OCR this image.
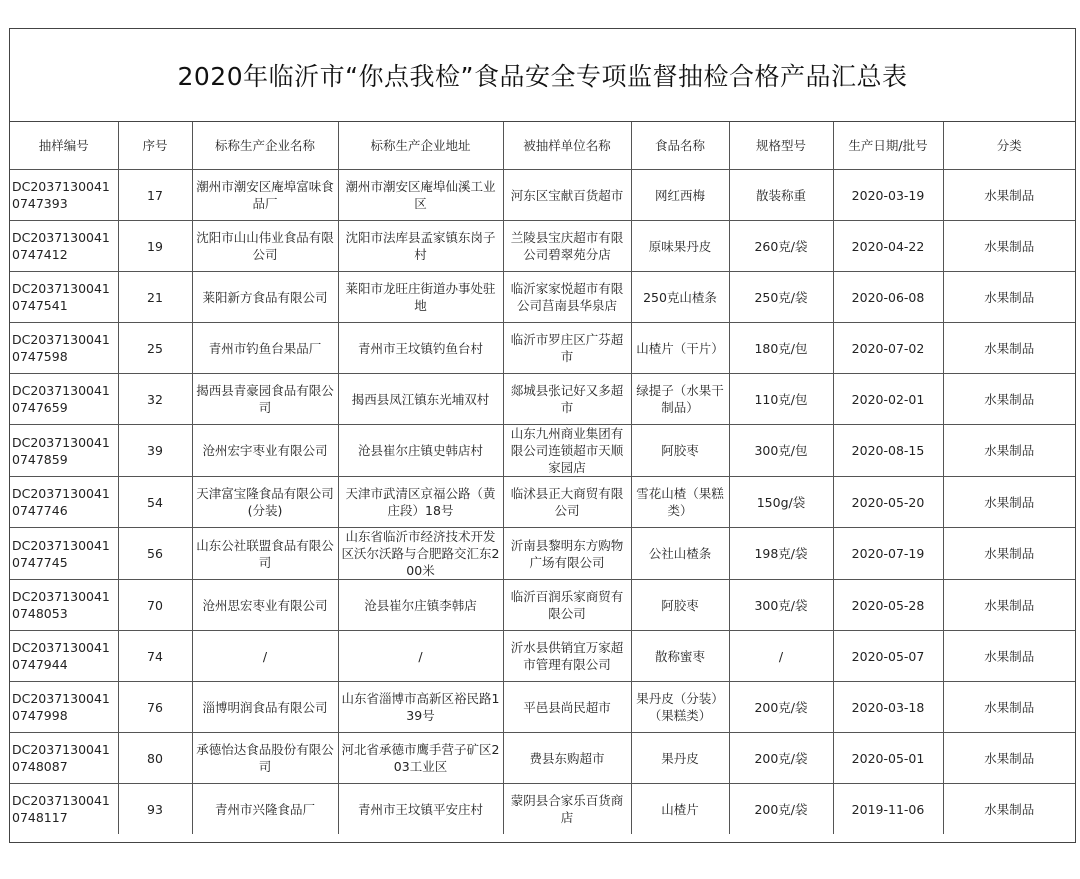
2020年临沂市“你点我检”食品安全专项监督抽检合格产品汇总表
抽样编号	序号	标称生产企业名称	标称生产企业地址	被抽样单位名称	食品名称	规格型号	生产日期/批号	分类
DC20371300410747393	17	潮州市潮安区庵埠富味食品厂	潮州市潮安区庵埠仙溪工业区	河东区宝献百货超市	网红西梅	散装称重	2020-03-19	水果制品
DC20371300410747412	19	沈阳市山山伟业食品有限公司	沈阳市法库县孟家镇东岗子村	兰陵县宝庆超市有限公司碧翠苑分店	原味果丹皮	260克/袋	2020-04-22	水果制品
DC20371300410747541	21	莱阳新方食品有限公司	莱阳市龙旺庄街道办事处驻地	临沂家家悦超市有限公司莒南县华泉店	250克山楂条	250克/袋	2020-06-08	水果制品
DC20371300410747598	25	青州市钓鱼台果品厂	青州市王坟镇钓鱼台村	临沂市罗庄区广芬超市	山楂片（干片）	180克/包	2020-07-02	水果制品
DC20371300410747659	32	揭西县青豪园食品有限公司	揭西县凤江镇东光埔双村	郯城县张记好又多超市	绿提子（水果干制品）	110克/包	2020-02-01	水果制品
DC20371300410747859	39	沧州宏宇枣业有限公司	沧县崔尔庄镇史韩店村	山东九州商业集团有限公司连锁超市天顺家园店	阿胶枣	300克/包	2020-08-15	水果制品
DC20371300410747746	54	天津富宝隆食品有限公司(分装)	天津市武清区京福公路（黄庄段）18号	临沭县正大商贸有限公司	雪花山楂（果糕类）	150g/袋	2020-05-20	水果制品
DC20371300410747745	56	山东公社联盟食品有限公司	山东省临沂市经济技术开发区沃尔沃路与合肥路交汇东200米	沂南县黎明东方购物广场有限公司	公社山楂条	198克/袋	2020-07-19	水果制品
DC20371300410748053	70	沧州思宏枣业有限公司	沧县崔尔庄镇李韩店	临沂百润乐家商贸有限公司	阿胶枣	300克/袋	2020-05-28	水果制品
DC20371300410747944	74	/	/	沂水县供销宜万家超市管理有限公司	散称蜜枣	/	2020-05-07	水果制品
DC20371300410747998	76	淄博明润食品有限公司	山东省淄博市高新区裕民路139号	平邑县尚民超市	果丹皮（分装）（果糕类）	200克/袋	2020-03-18	水果制品
DC20371300410748087	80	承德怡达食品股份有限公司	河北省承德市鹰手营子矿区203工业区	费县东购超市	果丹皮	200克/袋	2020-05-01	水果制品
DC20371300410748117	93	青州市兴隆食品厂	青州市王坟镇平安庄村	蒙阴县合家乐百货商店	山楂片	200克/袋	2019-11-06	水果制品
